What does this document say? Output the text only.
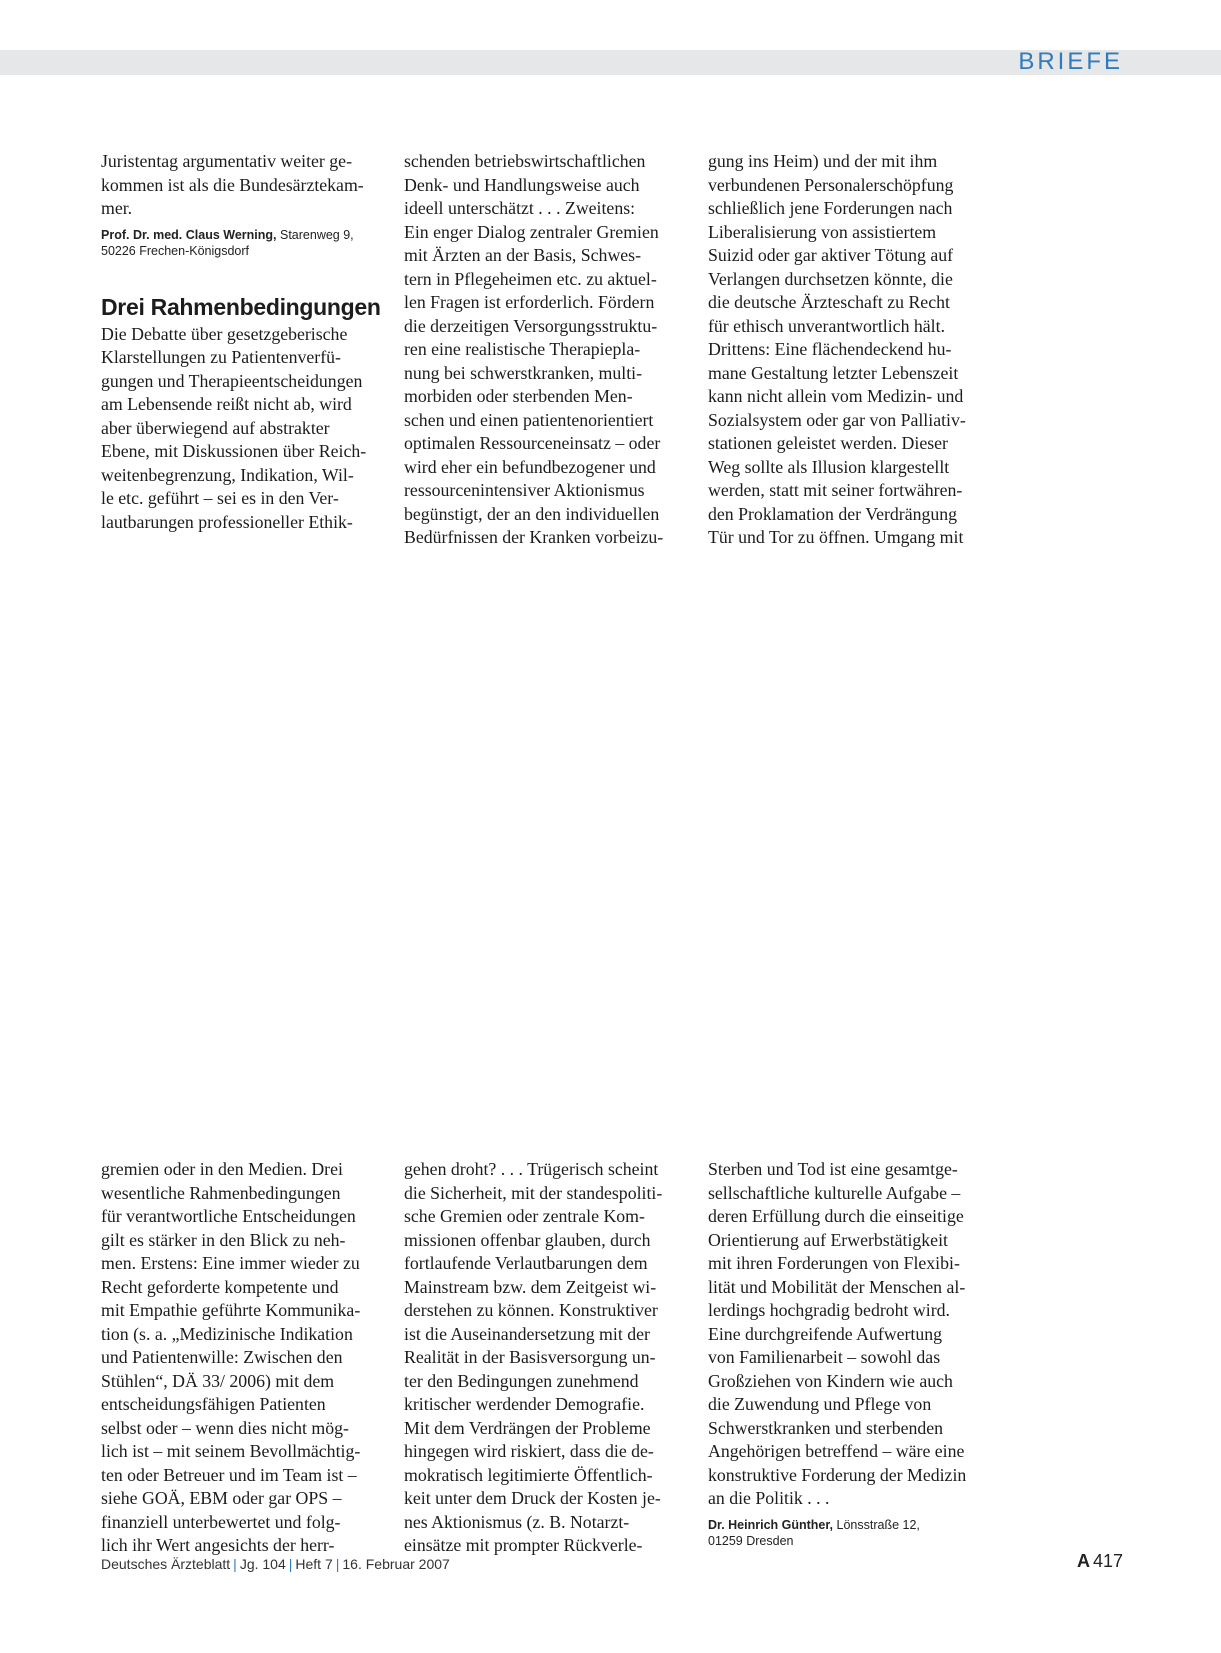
BRIEFE
Juristentag argumentativ weiter ge-
kommen ist als die Bundesärztekam-
mer.
Prof. Dr. med. Claus Werning, Starenweg 9,
50226 Frechen-Königsdorf
Drei Rahmenbedingungen
Die Debatte über gesetzgeberische
Klarstellungen zu Patientenverfü-
gungen und Therapieentscheidungen
am Lebensende reißt nicht ab, wird
aber überwiegend auf abstrakter
Ebene, mit Diskussionen über Reich-
weitenbegrenzung, Indikation, Wil-
le etc. geführt – sei es in den Ver-
lautbarungen professioneller Ethik-
schenden betriebswirtschaftlichen
Denk- und Handlungsweise auch
ideell unterschätzt . . . Zweitens:
Ein enger Dialog zentraler Gremien
mit Ärzten an der Basis, Schwes-
tern in Pflegeheimen etc. zu aktuel-
len Fragen ist erforderlich. Fördern
die derzeitigen Versorgungsstruktu-
ren eine realistische Therapiepla-
nung bei schwerstkranken, multi-
morbiden oder sterbenden Men-
schen und einen patientenorientiert
optimalen Ressourceneinsatz – oder
wird eher ein befundbezogener und
ressourcenintensiver Aktionismus
begünstigt, der an den individuellen
Bedürfnissen der Kranken vorbeizu-
gung ins Heim) und der mit ihm
verbundenen Personalerschöpfung
schließlich jene Forderungen nach
Liberalisierung von assistiertem
Suizid oder gar aktiver Tötung auf
Verlangen durchsetzen könnte, die
die deutsche Ärzteschaft zu Recht
für ethisch unverantwortlich hält.
Drittens: Eine flächendeckend hu-
mane Gestaltung letzter Lebenszeit
kann nicht allein vom Medizin- und
Sozialsystem oder gar von Palliativ-
stationen geleistet werden. Dieser
Weg sollte als Illusion klargestellt
werden, statt mit seiner fortwähren-
den Proklamation der Verdrängung
Tür und Tor zu öffnen. Umgang mit
gremien oder in den Medien. Drei
wesentliche Rahmenbedingungen
für verantwortliche Entscheidungen
gilt es stärker in den Blick zu neh-
men. Erstens: Eine immer wieder zu
Recht geforderte kompetente und
mit Empathie geführte Kommunika-
tion (s. a. „Medizinische Indikation
und Patientenwille: Zwischen den
Stühlen“, DÄ 33/ 2006) mit dem
entscheidungsfähigen Patienten
selbst oder – wenn dies nicht mög-
lich ist – mit seinem Bevollmächtig-
ten oder Betreuer und im Team ist –
siehe GOÄ, EBM oder gar OPS –
finanziell unterbewertet und folg-
lich ihr Wert angesichts der herr-
gehen droht? . . . Trügerisch scheint
die Sicherheit, mit der standespoliti-
sche Gremien oder zentrale Kom-
missionen offenbar glauben, durch
fortlaufende Verlautbarungen dem
Mainstream bzw. dem Zeitgeist wi-
derstehen zu können. Konstruktiver
ist die Auseinandersetzung mit der
Realität in der Basisversorgung un-
ter den Bedingungen zunehmend
kritischer werdender Demografie.
Mit dem Verdrängen der Probleme
hingegen wird riskiert, dass die de-
mokratisch legitimierte Öffentlich-
keit unter dem Druck der Kosten je-
nes Aktionismus (z. B. Notarzt-
einsätze mit prompter Rückverle-
Sterben und Tod ist eine gesamtge-
sellschaftliche kulturelle Aufgabe –
deren Erfüllung durch die einseitige
Orientierung auf Erwerbstätigkeit
mit ihren Forderungen von Flexibi-
lität und Mobilität der Menschen al-
lerdings hochgradig bedroht wird.
Eine durchgreifende Aufwertung
von Familienarbeit – sowohl das
Großziehen von Kindern wie auch
die Zuwendung und Pflege von
Schwerstkranken und sterbenden
Angehörigen betreffend – wäre eine
konstruktive Forderung der Medizin
an die Politik . . .
Dr. Heinrich Günther, Lönsstraße 12,
01259 Dresden
Deutsches Ärzteblatt | Jg. 104 | Heft 7 | 16. Februar 2007	A 417
